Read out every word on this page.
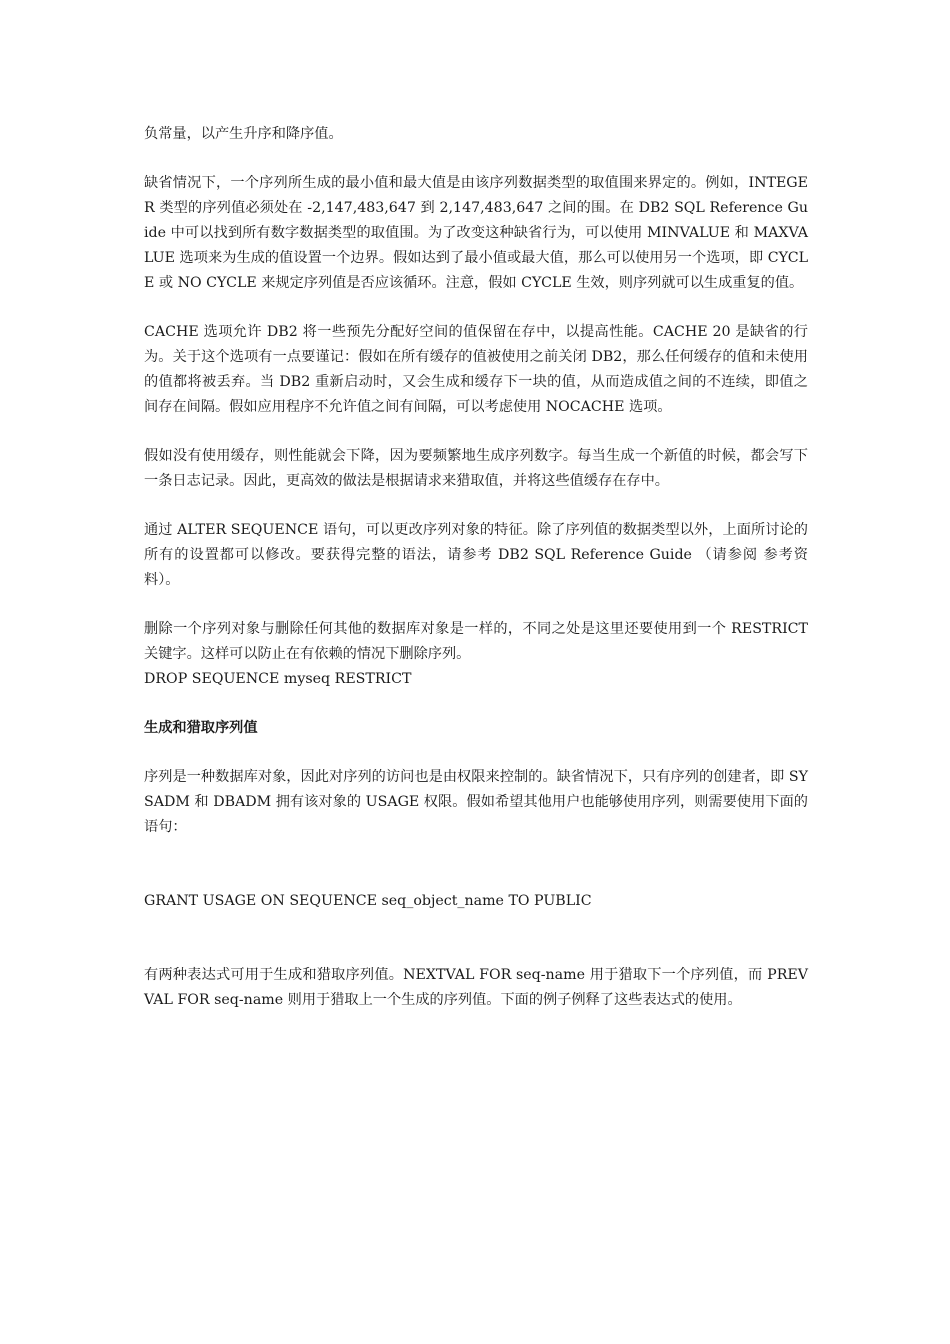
负常量，以产生升序和降序值。

缺省情况下，一个序列所生成的最小值和最大值是由该序列数据类型的取值围来界定的。例如，INTEGER 类型的序列值必须处在 -2,147,483,647 到 2,147,483,647 之间的围。在 DB2 SQL Reference Guide 中可以找到所有数字数据类型的取值围。为了改变这种缺省行为，可以使用 MINVALUE 和 MAXVALUE 选项来为生成的值设置一个边界。假如达到了最小值或最大值，那么可以使用另一个选项，即 CYCLE 或 NO CYCLE 来规定序列值是否应该循环。注意，假如 CYCLE 生效，则序列就可以生成重复的值。

CACHE 选项允许 DB2 将一些预先分配好空间的值保留在存中，以提高性能。CACHE 20 是缺省的行为。关于这个选项有一点要谨记：假如在所有缓存的值被使用之前关闭 DB2，那么任何缓存的值和未使用的值都将被丢弃。当 DB2 重新启动时，又会生成和缓存下一块的值，从而造成值之间的不连续，即值之间存在间隔。假如应用程序不允许值之间有间隔，可以考虑使用 NOCACHE 选项。

假如没有使用缓存，则性能就会下降，因为要频繁地生成序列数字。每当生成一个新值的时候，都会写下一条日志记录。因此，更高效的做法是根据请求来猎取值，并将这些值缓存在存中。

通过 ALTER SEQUENCE 语句，可以更改序列对象的特征。除了序列值的数据类型以外，上面所讨论的所有的设置都可以修改。要获得完整的语法，请参考 DB2 SQL Reference Guide （请参阅 参考资料）。

删除一个序列对象与删除任何其他的数据库对象是一样的，不同之处是这里还要使用到一个 RESTRICT 关键字。这样可以防止在有依赖的情况下删除序列。

DROP SEQUENCE myseq RESTRICT

生成和猎取序列值

序列是一种数据库对象，因此对序列的访问也是由权限来控制的。缺省情况下，只有序列的创建者，即 SYSADM 和 DBADM 拥有该对象的 USAGE 权限。假如希望其他用户也能够使用序列，则需要使用下面的语句：

GRANT USAGE ON SEQUENCE seq_object_name TO PUBLIC

有两种表达式可用于生成和猎取序列值。NEXTVAL FOR seq-name 用于猎取下一个序列值，而 PREVVAL FOR seq-name 则用于猎取上一个生成的序列值。下面的例子例释了这些表达式的使用。
